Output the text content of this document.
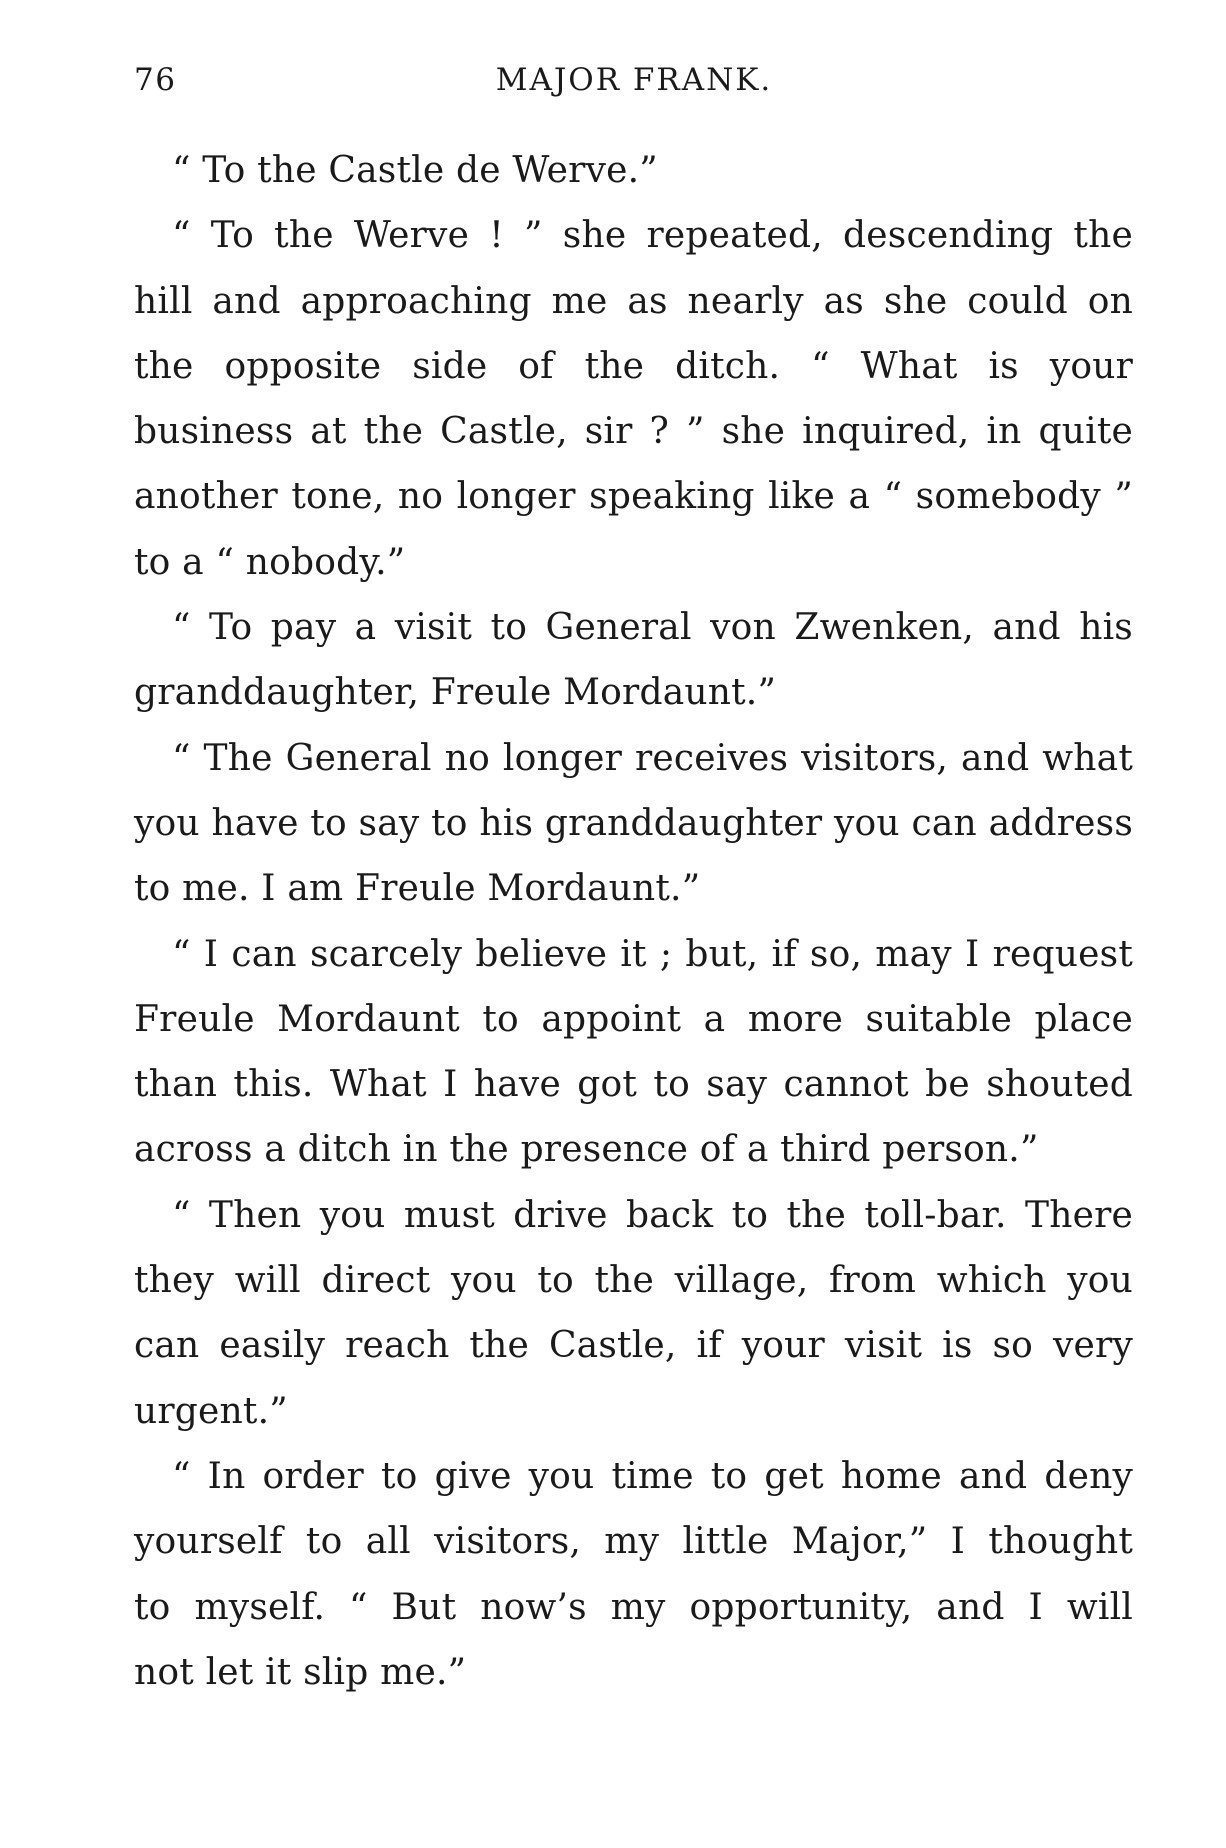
76	MAJOR FRANK.
“ To the Castle de Werve.”
“ To the Werve ! ” she repeated, descending the
hill and approaching me as nearly as she could on
the opposite side of the ditch. “ What is your
business at the Castle, sir ? ” she inquired, in quite
another tone, no longer speaking like a “ somebody ”
to a “ nobody.”
“ To pay a visit to General von Zwenken, and his
granddaughter, Freule Mordaunt.”
“ The General no longer receives visitors, and what
you have to say to his granddaughter you can address
to me. I am Freule Mordaunt.”
“ I can scarcely believe it ; but, if so, may I request
Freule Mordaunt to appoint a more suitable place
than this. What I have got to say cannot be shouted
across a ditch in the presence of a third person.”
“ Then you must drive back to the toll-bar. There
they will direct you to the village, from which you
can easily reach the Castle, if your visit is so very
urgent.”
“ In order to give you time to get home and deny
yourself to all visitors, my little Major,” I thought
to myself. “ But now’s my opportunity, and I will
not let it slip me.”
